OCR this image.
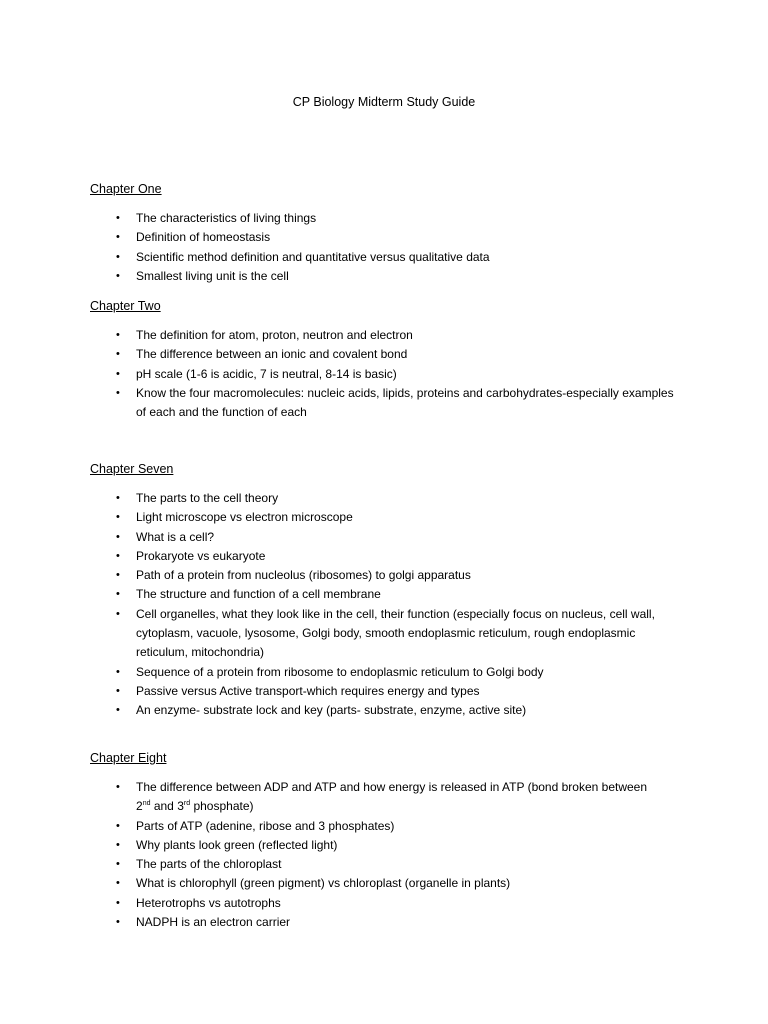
CP Biology Midterm Study Guide
Chapter One
• The characteristics of living things
• Definition of homeostasis
• Scientific method definition and quantitative versus qualitative data
• Smallest living unit is the cell
Chapter Two
• The definition for atom, proton, neutron and electron
• The difference between an ionic and covalent bond
• pH scale (1-6 is acidic, 7 is neutral, 8-14 is basic)
• Know the four macromolecules: nucleic acids, lipids, proteins and carbohydrates-especially examples of each and the function of each
Chapter Seven
• The parts to the cell theory
• Light microscope vs electron microscope
• What is a cell?
• Prokaryote vs eukaryote
• Path of a protein from nucleolus (ribosomes) to golgi apparatus
• The structure and function of a cell membrane
• Cell organelles, what they look like in the cell, their function (especially focus on nucleus, cell wall, cytoplasm, vacuole, lysosome, Golgi body, smooth endoplasmic reticulum, rough endoplasmic reticulum, mitochondria)
• Sequence of a protein from ribosome to endoplasmic reticulum to Golgi body
• Passive versus Active transport-which requires energy and types
• An enzyme- substrate lock and key (parts- substrate, enzyme, active site)
Chapter Eight
• The difference between ADP and ATP and how energy is released in ATP (bond broken between
2nd and 3rd phosphate)
• Parts of ATP (adenine, ribose and 3 phosphates)
• Why plants look green (reflected light)
• The parts of the chloroplast
• What is chlorophyll (green pigment) vs chloroplast (organelle in plants)
• Heterotrophs vs autotrophs
• NADPH is an electron carrier
